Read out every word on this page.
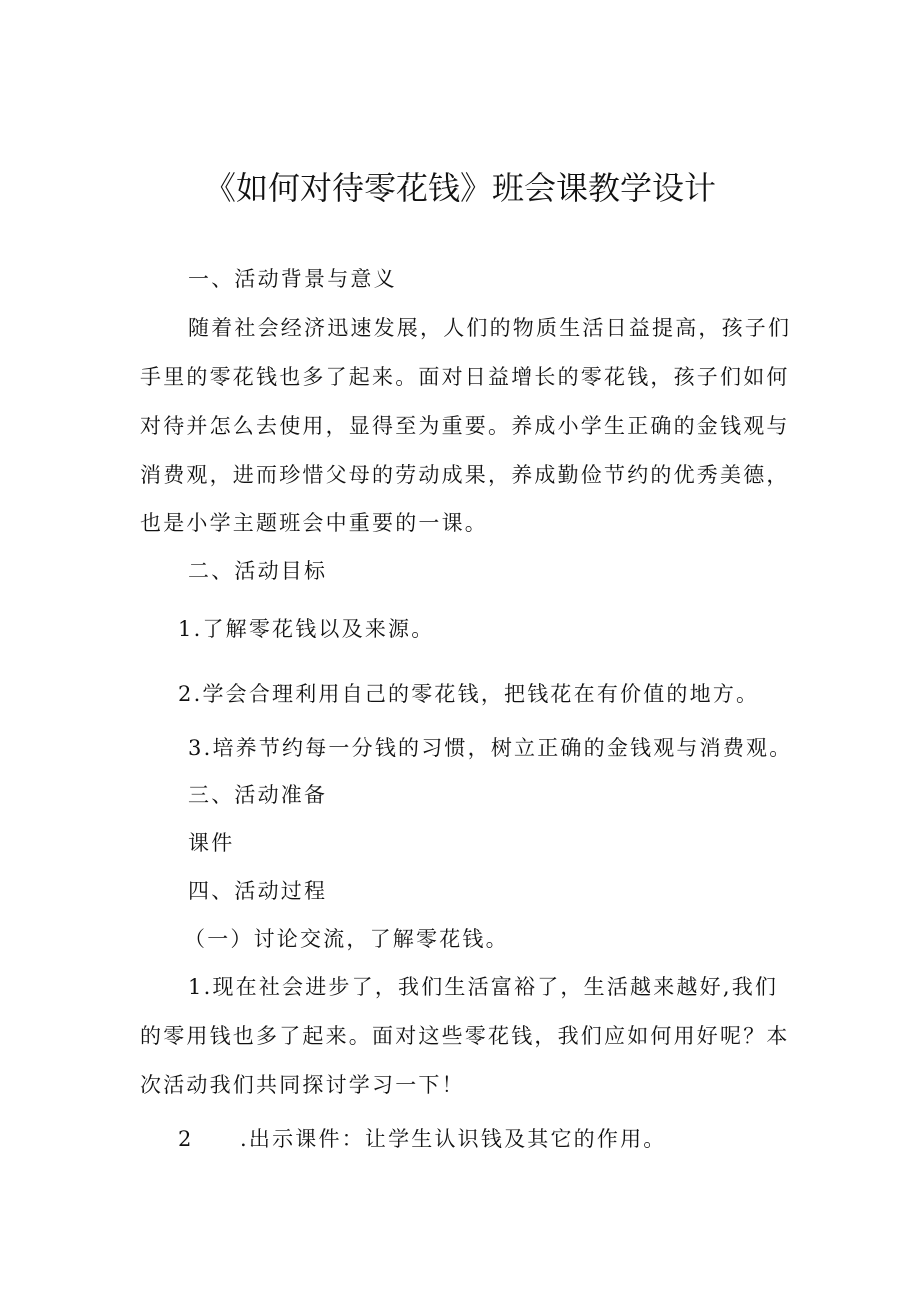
《如何对待零花钱》班会课教学设计
一、活动背景与意义
随着社会经济迅速发展，人们的物质生活日益提高，孩子们
手里的零花钱也多了起来。面对日益增长的零花钱，孩子们如何
对待并怎么去使用，显得至为重要。养成小学生正确的金钱观与
消费观，进而珍惜父母的劳动成果，养成勤俭节约的优秀美德，
也是小学主题班会中重要的一课。
二、活动目标
1.了解零花钱以及来源。
2.学会合理利用自己的零花钱，把钱花在有价值的地方。
3.培养节约每一分钱的习惯，树立正确的金钱观与消费观。
三、活动准备
课件
四、活动过程
（一）讨论交流，了解零花钱。
1.现在社会进步了，我们生活富裕了，生活越来越好,我们
的零用钱也多了起来。面对这些零花钱，我们应如何用好呢？本
次活动我们共同探讨学习一下！
2 .出示课件：让学生认识钱及其它的作用。
